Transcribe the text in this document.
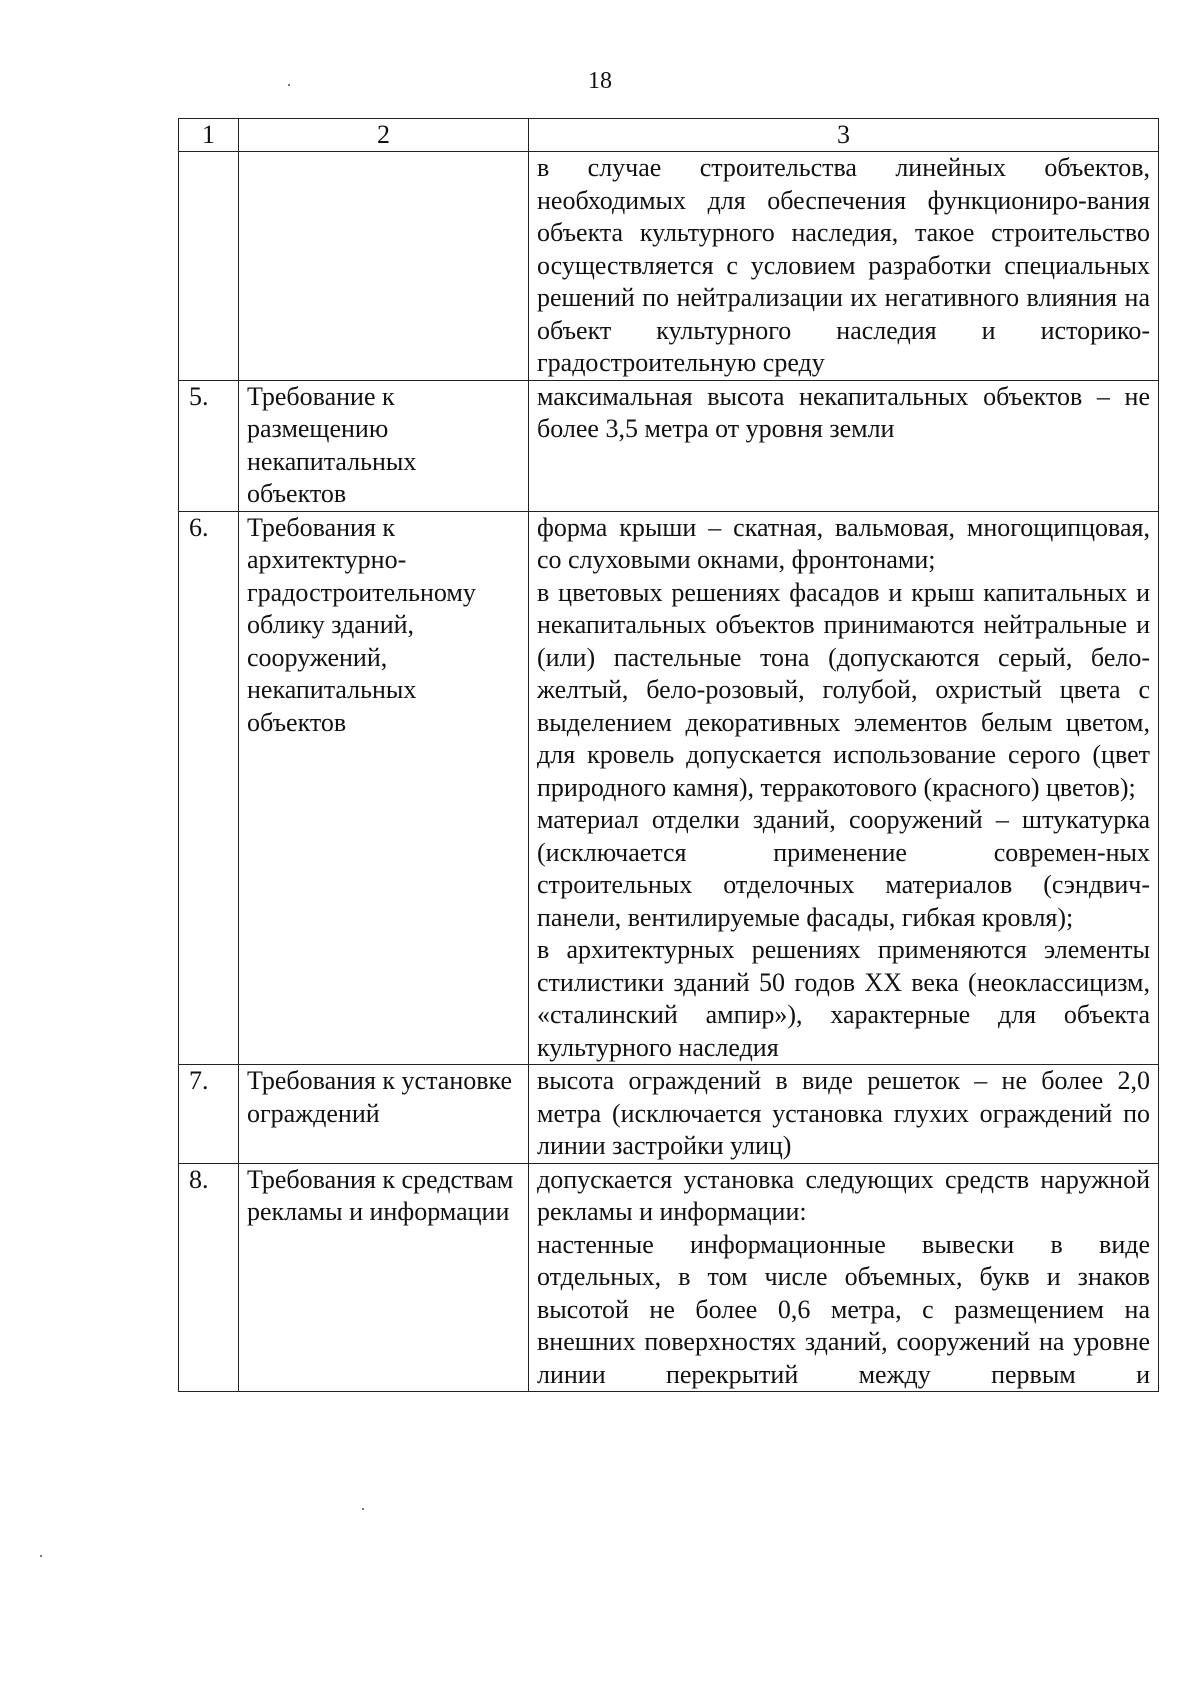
18
1	2	3

		в случае строительства линейных объектов, необходимых для обеспечения функциониро-вания объекта культурного наследия, такое строительство осуществляется с условием разработки специальных решений по нейтрализации их негативного влияния на объект культурного наследия и историко-градостроительную среду

5.	Требование к размещению некапитальных объектов	максимальная высота некапитальных объектов – не более 3,5 метра от уровня земли

6.	Требования к архитектурно-градостроительному облику зданий, сооружений, некапитальных объектов	форма крыши – скатная, вальмовая, многощипцовая, со слуховыми окнами, фронтонами;

в цветовых решениях фасадов и крыш капитальных и некапитальных объектов принимаются нейтральные и (или) пастельные тона (допускаются серый, бело-желтый, бело-розовый, голубой, охристый цвета с выделением декоративных элементов белым цветом, для кровель допускается использование серого (цвет природного камня), терракотового (красного) цветов);

материал отделки зданий, сооружений – штукатурка (исключается применение современ-ных строительных отделочных материалов (сэндвич-панели, вентилируемые фасады, гибкая кровля);

в архитектурных решениях применяются элементы стилистики зданий 50 годов XX века (неоклассицизм, «сталинский ампир»), характерные для объекта культурного наследия

7.	Требования к установке ограждений	высота ограждений в виде решеток – не более 2,0 метра (исключается установка глухих ограждений по линии застройки улиц)

8.	Требования к средствам рекламы и информации	допускается установка следующих средств наружной рекламы и информации:

настенные информационные вывески в виде отдельных, в том числе объемных, букв и знаков высотой не более 0,6 метра, с размещением на внешних поверхностях зданий, сооружений на уровне линии перекрытий между первым и
